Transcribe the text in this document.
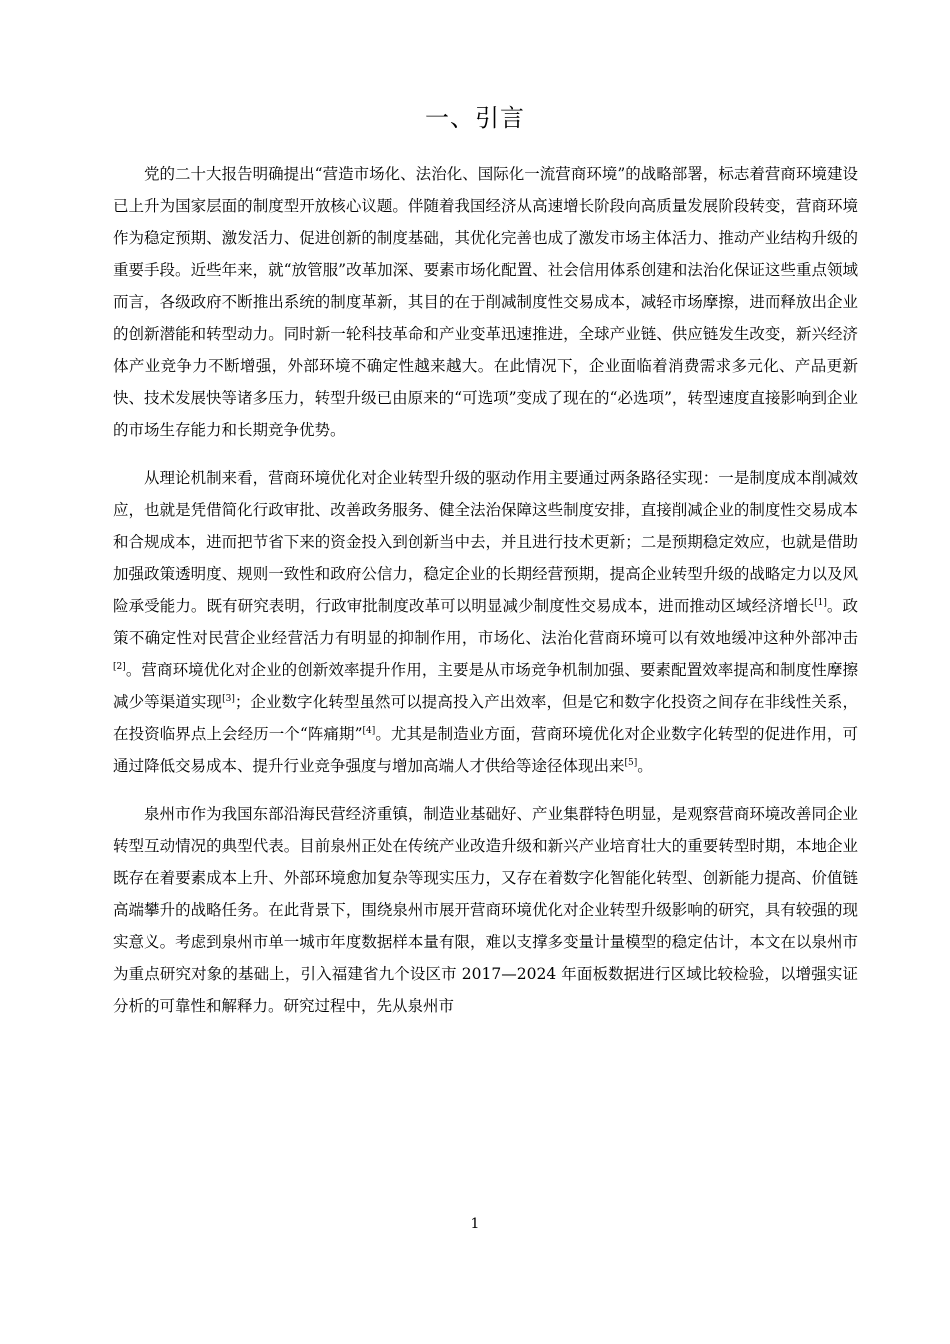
一、引言

党的二十大报告明确提出“营造市场化、法治化、国际化一流营商环境”的战略部署，标志着营商环境建设已上升为国家层面的制度型开放核心议题。伴随着我国经济从高速增长阶段向高质量发展阶段转变，营商环境作为稳定预期、激发活力、促进创新的制度基础，其优化完善也成了激发市场主体活力、推动产业结构升级的重要手段。近些年来，就“放管服”改革加深、要素市场化配置、社会信用体系创建和法治化保证这些重点领域而言，各级政府不断推出系统的制度革新，其目的在于削减制度性交易成本，减轻市场摩擦，进而释放出企业的创新潜能和转型动力。同时新一轮科技革命和产业变革迅速推进，全球产业链、供应链发生改变，新兴经济体产业竞争力不断增强，外部环境不确定性越来越大。在此情况下，企业面临着消费需求多元化、产品更新快、技术发展快等诸多压力，转型升级已由原来的“可选项”变成了现在的“必选项”，转型速度直接影响到企业的市场生存能力和长期竞争优势。

从理论机制来看，营商环境优化对企业转型升级的驱动作用主要通过两条路径实现：一是制度成本削减效应，也就是凭借简化行政审批、改善政务服务、健全法治保障这些制度安排，直接削减企业的制度性交易成本和合规成本，进而把节省下来的资金投入到创新当中去，并且进行技术更新；二是预期稳定效应，也就是借助加强政策透明度、规则一致性和政府公信力，稳定企业的长期经营预期，提高企业转型升级的战略定力以及风险承受能力。既有研究表明，行政审批制度改革可以明显减少制度性交易成本，进而推动区域经济增长[1]。政策不确定性对民营企业经营活力有明显的抑制作用，市场化、法治化营商环境可以有效地缓冲这种外部冲击[2]。营商环境优化对企业的创新效率提升作用，主要是从市场竞争机制加强、要素配置效率提高和制度性摩擦减少等渠道实现[3]；企业数字化转型虽然可以提高投入产出效率，但是它和数字化投资之间存在非线性关系，在投资临界点上会经历一个“阵痛期”[4]。尤其是制造业方面，营商环境优化对企业数字化转型的促进作用，可通过降低交易成本、提升行业竞争强度与增加高端人才供给等途径体现出来[5]。

泉州市作为我国东部沿海民营经济重镇，制造业基础好、产业集群特色明显，是观察营商环境改善同企业转型互动情况的典型代表。目前泉州正处在传统产业改造升级和新兴产业培育壮大的重要转型时期，本地企业既存在着要素成本上升、外部环境愈加复杂等现实压力，又存在着数字化智能化转型、创新能力提高、价值链高端攀升的战略任务。在此背景下，围绕泉州市展开营商环境优化对企业转型升级影响的研究，具有较强的现实意义。考虑到泉州市单一城市年度数据样本量有限，难以支撑多变量计量模型的稳定估计，本文在以泉州市为重点研究对象的基础上，引入福建省九个设区市 2017—2024 年面板数据进行区域比较检验，以增强实证分析的可靠性和解释力。研究过程中，先从泉州市

1
